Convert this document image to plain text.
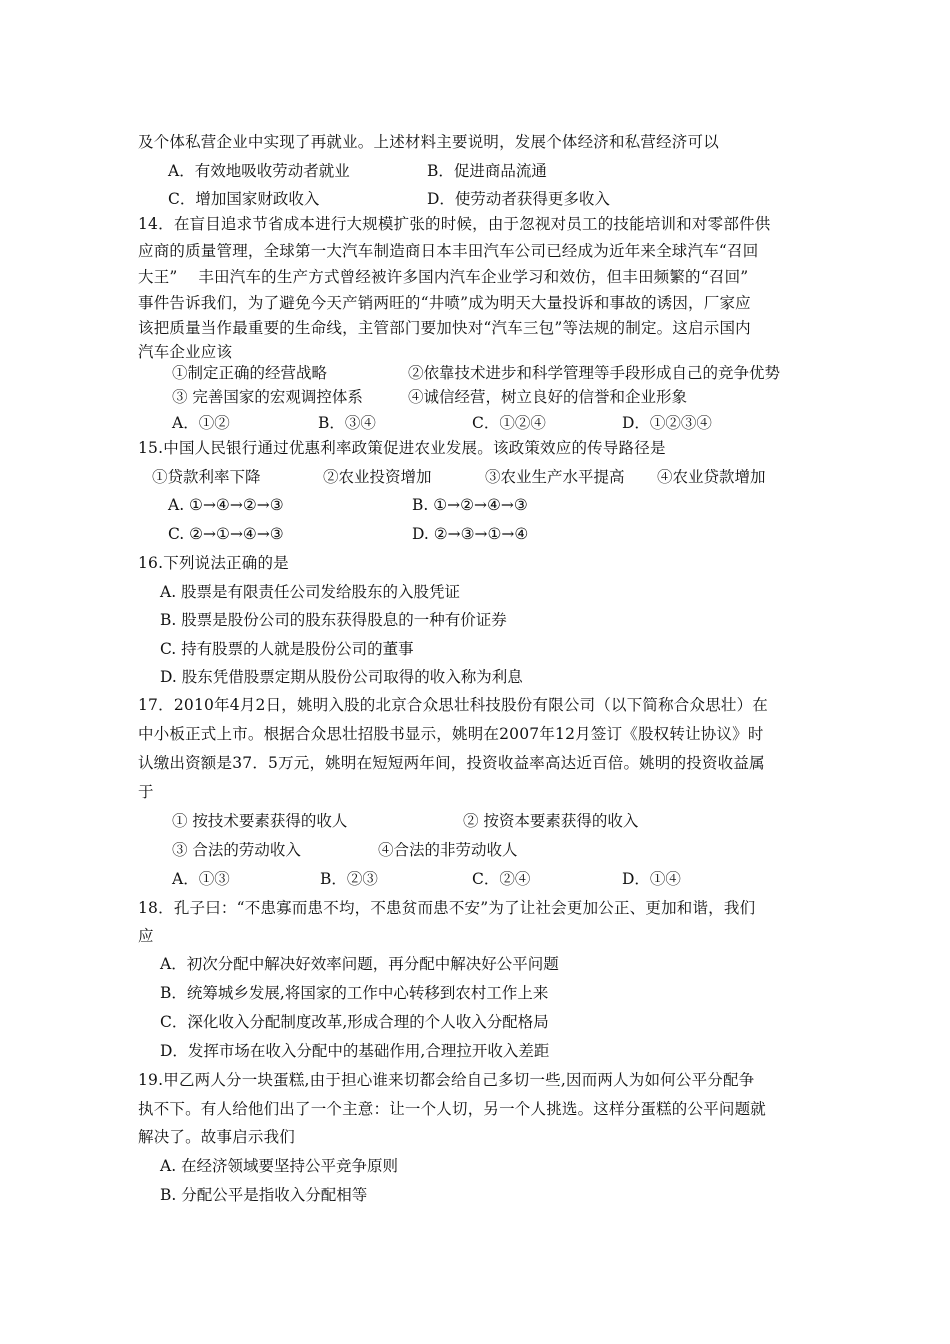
及个体私营企业中实现了再就业。上述材料主要说明，发展个体经济和私营经济可以
A．有效地吸收劳动者就业	B．促进商品流通
C．增加国家财政收入	D．使劳动者获得更多收入
14．在盲目追求节省成本进行大规模扩张的时候，由于忽视对员工的技能培训和对零部件供
应商的质量管理，全球第一大汽车制造商日本丰田汽车公司已经成为近年来全球汽车“召回
大王”　 丰田汽车的生产方式曾经被许多国内汽车企业学习和效仿，但丰田频繁的“召回”
事件告诉我们，为了避免今天产销两旺的“井喷”成为明天大量投诉和事故的诱因，厂家应
该把质量当作最重要的生命线，主管部门要加快对“汽车三包”等法规的制定。这启示国内
汽车企业应该
①制定正确的经营战略	②依靠技术进步和科学管理等手段形成自己的竞争优势
③ 完善国家的宏观调控体系	④诚信经营，树立良好的信誉和企业形象
A．①②	B．③④	C．①②④	D．①②③④
15.中国人民银行通过优惠利率政策促进农业发展。该政策效应的传导路径是
①贷款利率下降	②农业投资增加	③农业生产水平提高 ④农业贷款增加
A. ①→④→②→③	B. ①→②→④→③
C. ②→①→④→③	D. ②→③→①→④
16.下列说法正确的是
A. 股票是有限责任公司发给股东的入股凭证
B. 股票是股份公司的股东获得股息的一种有价证券
C. 持有股票的人就是股份公司的董事
D. 股东凭借股票定期从股份公司取得的收入称为利息
17．2010年4月2日，姚明入股的北京合众思壮科技股份有限公司（以下简称合众思壮）在
中小板正式上市。根据合众思壮招股书显示，姚明在2007年12月签订《股权转让协议》时
认缴出资额是37．5万元，姚明在短短两年间，投资收益率高达近百倍。姚明的投资收益属
于
① 按技术要素获得的收人	② 按资本要素获得的收入
③ 合法的劳动收入	④合法的非劳动收人
A．①③	B．②③	C．②④	D．①④
18．孔子曰：“不患寡而患不均，不患贫而患不安”为了让社会更加公正、更加和谐，我们
应
A．初次分配中解决好效率问题，再分配中解决好公平问题
B．统筹城乡发展,将国家的工作中心转移到农村工作上来
C．深化收入分配制度改革,形成合理的个人收入分配格局
D．发挥市场在收入分配中的基础作用,合理拉开收入差距
19.甲乙两人分一块蛋糕,由于担心谁来切都会给自己多切一些,因而两人为如何公平分配争
执不下。有人给他们出了一个主意：让一个人切，另一个人挑选。这样分蛋糕的公平问题就
解决了。故事启示我们
A. 在经济领域要坚持公平竞争原则
B. 分配公平是指收入分配相等
